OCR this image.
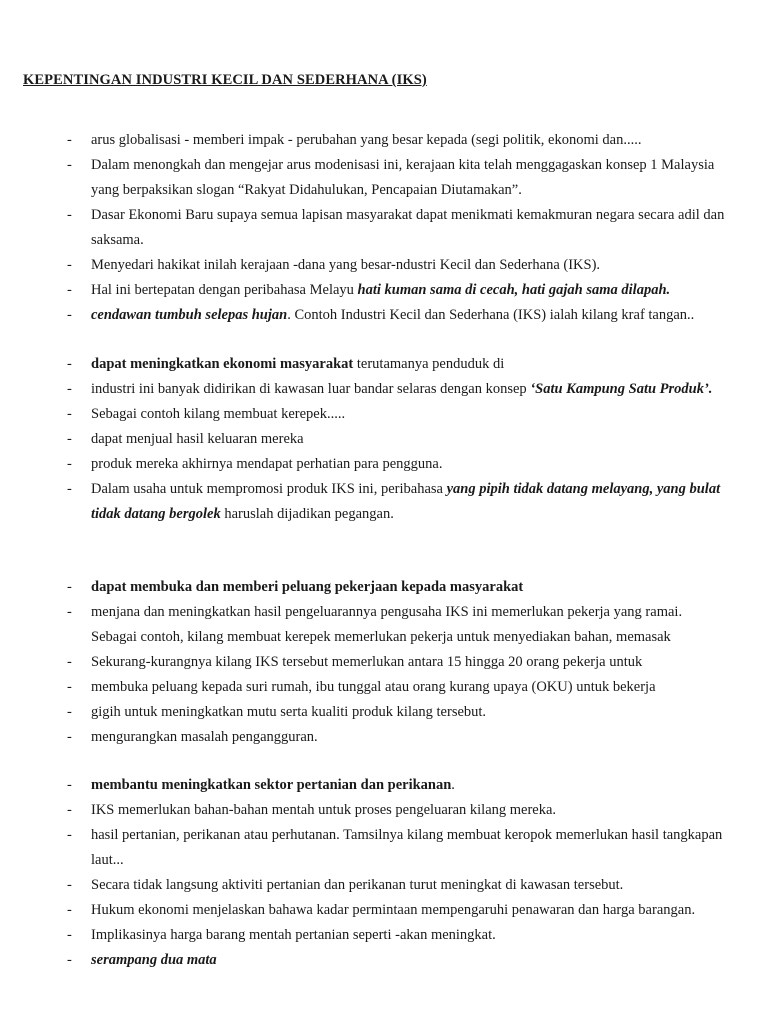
KEPENTINGAN INDUSTRI KECIL DAN SEDERHANA (IKS)
- arus globalisasi - memberi impak - perubahan yang besar kepada (segi politik, ekonomi dan.....
- Dalam menongkah dan mengejar arus modenisasi ini, kerajaan kita telah menggagaskan konsep 1 Malaysia yang berpaksikan slogan “Rakyat Didahulukan, Pencapaian Diutamakan”.
- Dasar Ekonomi Baru supaya semua lapisan masyarakat dapat menikmati kemakmuran negara secara adil dan saksama.
- Menyedari hakikat inilah kerajaan -dana yang besar-ndustri Kecil dan Sederhana (IKS).
- Hal ini bertepatan dengan peribahasa Melayu hati kuman sama di cecah, hati gajah sama dilapah.
- cendawan tumbuh selepas hujan. Contoh Industri Kecil dan Sederhana (IKS) ialah kilang kraf tangan..
- dapat meningkatkan ekonomi masyarakat terutamanya penduduk di
- industri ini banyak didirikan di kawasan luar bandar selaras dengan konsep ‘Satu Kampung Satu Produk’.
- Sebagai contoh kilang membuat kerepek.....
- dapat menjual hasil keluaran mereka
- produk mereka akhirnya mendapat perhatian para pengguna.
- Dalam usaha untuk mempromosi produk IKS ini, peribahasa yang pipih tidak datang melayang, yang bulat tidak datang bergolek haruslah dijadikan pegangan.
- dapat membuka dan memberi peluang pekerjaan kepada masyarakat
- menjana dan meningkatkan hasil pengeluarannya pengusaha IKS ini memerlukan pekerja yang ramai. Sebagai contoh, kilang membuat kerepek memerlukan pekerja untuk menyediakan bahan, memasak
- Sekurang-kurangnya kilang IKS tersebut memerlukan antara 15 hingga 20 orang pekerja untuk
- membuka peluang kepada suri rumah, ibu tunggal atau orang kurang upaya (OKU) untuk bekerja
- gigih untuk meningkatkan mutu serta kualiti produk kilang tersebut.
- mengurangkan masalah pengangguran.
- membantu meningkatkan sektor pertanian dan perikanan.
- IKS memerlukan bahan-bahan mentah untuk proses pengeluaran kilang mereka.
- hasil pertanian, perikanan atau perhutanan. Tamsilnya kilang membuat keropok memerlukan hasil tangkapan laut...
- Secara tidak langsung aktiviti pertanian dan perikanan turut meningkat di kawasan tersebut.
- Hukum ekonomi menjelaskan bahawa kadar permintaan mempengaruhi penawaran dan harga barangan.
- Implikasinya harga barang mentah pertanian seperti -akan meningkat.
- serampang dua mata
